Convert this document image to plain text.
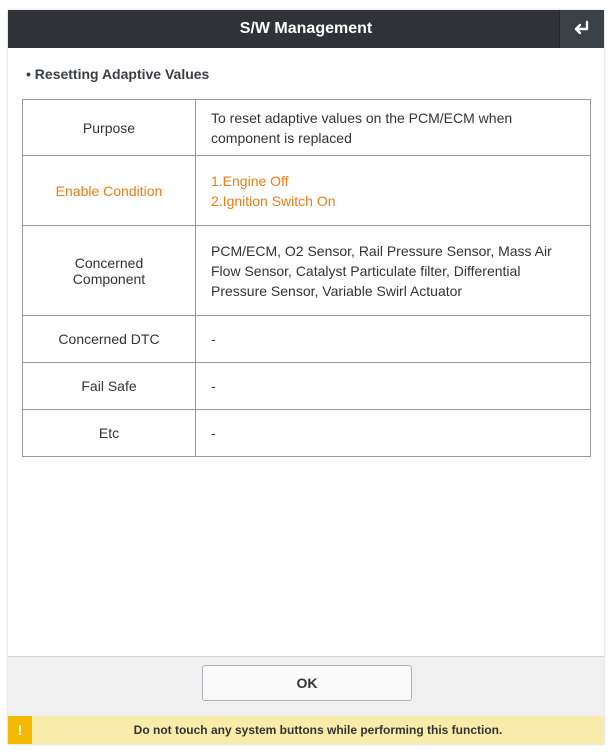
S/W Management
• Resetting Adaptive Values
Purpose	To reset adaptive values on the PCM/ECM when
component is replaced
Enable Condition	1.Engine Off
2.Ignition Switch On
Concerned
Component	PCM/ECM, O2 Sensor, Rail Pressure Sensor, Mass Air
Flow Sensor, Catalyst Particulate filter, Differential
Pressure Sensor, Variable Swirl Actuator
Concerned DTC	-
Fail Safe	-
Etc	-
OK
!	Do not touch any system buttons while performing this function.
